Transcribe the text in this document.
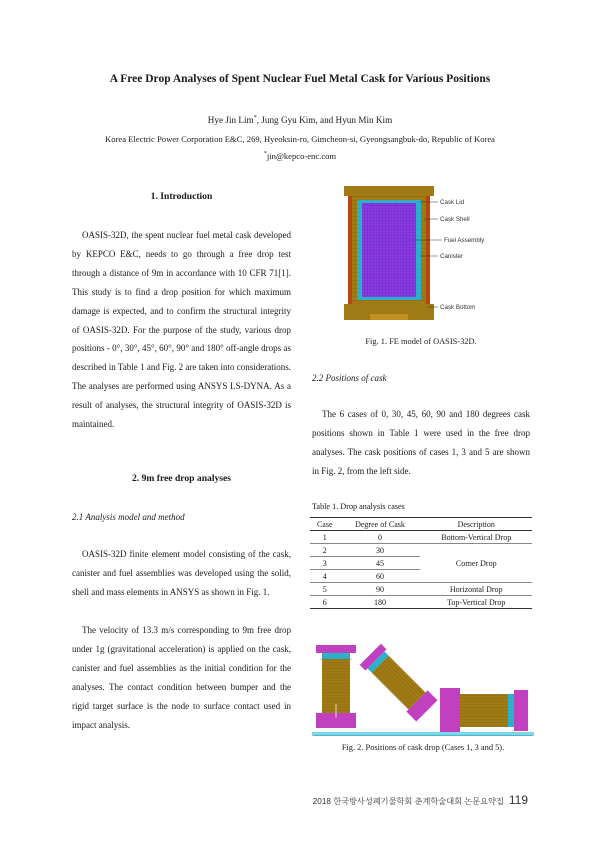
A Free Drop Analyses of Spent Nuclear Fuel Metal Cask for Various Positions
Hye Jin Lim*, Jung Gyu Kim, and Hyun Min Kim
Korea Electric Power Corporation E&C, 269, Hyeoksin-ro, Gimcheon-si, Gyeongsangbuk-do, Republic of Korea
*jin@kepco-enc.com
1. Introduction

OASIS-32D, the spent nuclear fuel metal cask developed by KEPCO E&C, needs to go through a free drop test through a distance of 9m in accordance with 10 CFR 71[1]. This study is to find a drop position for which maximum damage is expected, and to confirm the structural integrity of OASIS-32D. For the purpose of the study, various drop positions - 0°, 30°, 45°, 60°, 90° and 180° off-angle drops as described in Table 1 and Fig. 2 are taken into considerations. The analyses are performed using ANSYS LS-DYNA. As a result of analyses, the structural integrity of OASIS-32D is maintained.

2. 9m free drop analyses
2.1 Analysis model and method

OASIS-32D finite element model consisting of the cask, canister and fuel assemblies was developed using the solid, shell and mass elements in ANSYS as shown in Fig. 1.

The velocity of 13.3 m/s corresponding to 9m free drop under 1g (gravitational acceleration) is applied on the cask, canister and fuel assemblies as the initial condition for the analyses. The contact condition between bumper and the rigid target surface is the node to surface contact used in impact analysis.

Cask Lid
Cask Shell
Fuel Assembly
Canister
Cask Bottom
Fig. 1. FE model of OASIS-32D.
2.2 Positions of cask

The 6 cases of 0, 30, 45, 60, 90 and 180 degrees cask positions shown in Table 1 were used in the free drop analyses. The cask positions of cases 1, 3 and 5 are shown in Fig. 2, from the left side.

Table 1. Drop analysis cases
Case	Degree of Cask	Description
1	0	Bottom-Vertical Drop
2	30	Corner Drop
3	45	
4	60	
5	90	Horizontal Drop
6	180	Top-Vertical Drop
Fig. 2. Positions of cask drop (Cases 1, 3 and 5).
2018 한국방사성폐기물학회 춘계학술대회 논문요약집 119
